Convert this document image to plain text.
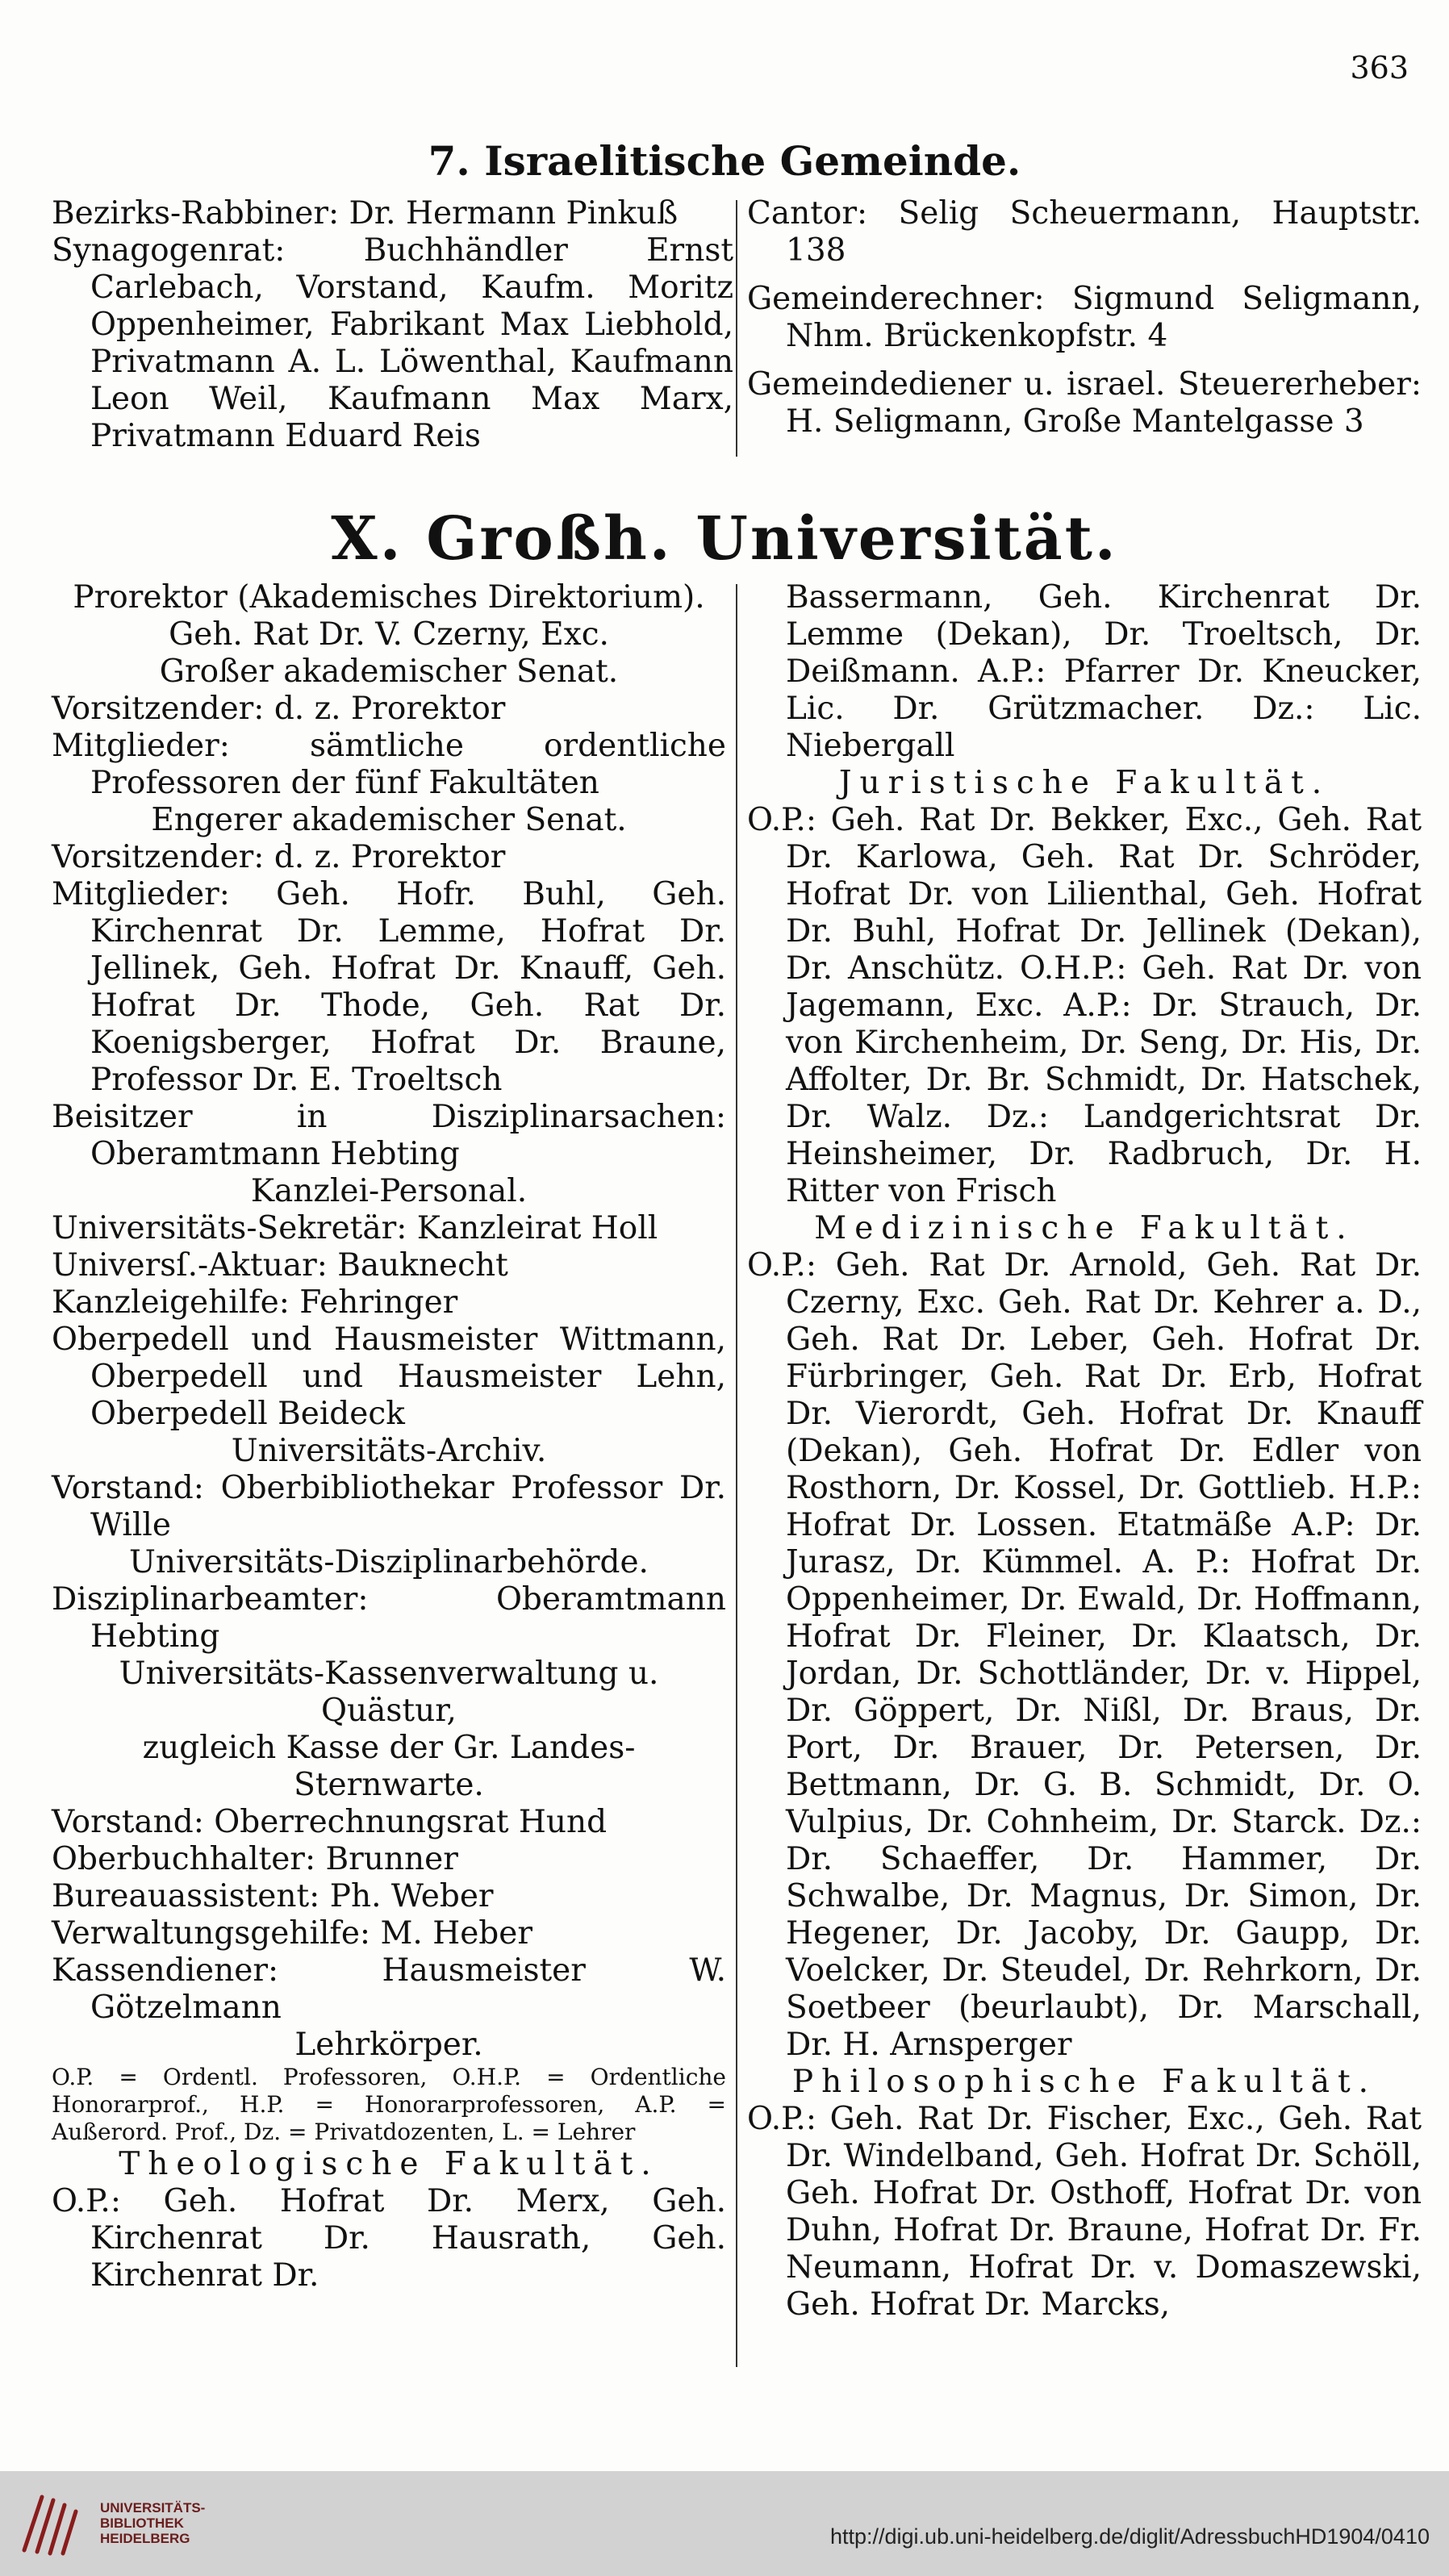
363
7. Israelitische Gemeinde.

Bezirks-Rabbiner: Dr. Hermann Pinkuß

Synagogenrat: Buchhändler Ernst Carlebach, Vorstand, Kaufm. Moritz Oppenheimer, Fabrikant Max Liebhold, Privatmann A. L. Löwenthal, Kaufmann Leon Weil, Kaufmann Max Marx, Privatmann Eduard Reis

Cantor: Selig Scheuermann, Hauptstr. 138

Gemeinderechner: Sigmund Seligmann, Nhm. Brückenkopfstr. 4

Gemeindediener u. israel. Steuererheber: H. Seligmann, Große Mantelgasse 3

X. Großh. Universität.

Prorektor (Akademisches Direktorium).

Geh. Rat Dr. V. Czerny, Exc.

Großer akademischer Senat.

Vorsitzender: d. z. Prorektor

Mitglieder: sämtliche ordentliche Professoren der fünf Fakultäten

Engerer akademischer Senat.

Vorsitzender: d. z. Prorektor

Mitglieder: Geh. Hofr. Buhl, Geh. Kirchenrat Dr. Lemme, Hofrat Dr. Jellinek, Geh. Hofrat Dr. Knauff, Geh. Hofrat Dr. Thode, Geh. Rat Dr. Koenigsberger, Hofrat Dr. Braune, Professor Dr. E. Troeltsch

Beisitzer in Disziplinarsachen: Oberamtmann Hebting

Kanzlei-Personal.

Universitäts-Sekretär: Kanzleirat Holl

Universſ.-Aktuar: Bauknecht

Kanzleigehilfe: Fehringer

Oberpedell und Hausmeister Wittmann, Oberpedell und Hausmeister Lehn, Oberpedell Beideck

Universitäts-Archiv.

Vorstand: Oberbibliothekar Professor Dr. Wille

Universitäts-Disziplinarbehörde.

Disziplinarbeamter: Oberamtmann Hebting

Universitäts-Kassenverwaltung u. Quästur,

zugleich Kasse der Gr. Landes-Sternwarte.

Vorstand: Oberrechnungsrat Hund

Oberbuchhalter: Brunner

Bureauassistent: Ph. Weber

Verwaltungsgehilfe: M. Heber

Kassendiener: Hausmeister W. Götzelmann

Lehrkörper.

O.P. = Ordentl. Professoren, O.H.P. = Ordentliche Honorarprof., H.P. = Honorarprofessoren, A.P. = Außerord. Prof., Dz. = Privatdozenten, L. = Lehrer

Theologische Fakultät.

O.P.: Geh. Hofrat Dr. Merx, Geh. Kirchenrat Dr. Hausrath, Geh. Kirchenrat Dr.

Bassermann, Geh. Kirchenrat Dr. Lemme (Dekan), Dr. Troeltsch, Dr. Deißmann. A.P.: Pfarrer Dr. Kneucker, Lic. Dr. Grützmacher. Dz.: Lic. Niebergall

Juristische Fakultät.

O.P.: Geh. Rat Dr. Bekker, Exc., Geh. Rat Dr. Karlowa, Geh. Rat Dr. Schröder, Hofrat Dr. von Lilienthal, Geh. Hofrat Dr. Buhl, Hofrat Dr. Jellinek (Dekan), Dr. Anschütz. O.H.P.: Geh. Rat Dr. von Jagemann, Exc. A.P.: Dr. Strauch, Dr. von Kirchenheim, Dr. Seng, Dr. His, Dr. Affolter, Dr. Br. Schmidt, Dr. Hatschek, Dr. Walz. Dz.: Landgerichtsrat Dr. Heinsheimer, Dr. Radbruch, Dr. H. Ritter von Frisch

Medizinische Fakultät.

O.P.: Geh. Rat Dr. Arnold, Geh. Rat Dr. Czerny, Exc. Geh. Rat Dr. Kehrer a. D., Geh. Rat Dr. Leber, Geh. Hofrat Dr. Fürbringer, Geh. Rat Dr. Erb, Hofrat Dr. Vierordt, Geh. Hofrat Dr. Knauff (Dekan), Geh. Hofrat Dr. Edler von Rosthorn, Dr. Kossel, Dr. Gottlieb. H.P.: Hofrat Dr. Lossen. Etatmäße A.P: Dr. Jurasz, Dr. Kümmel. A. P.: Hofrat Dr. Oppenheimer, Dr. Ewald, Dr. Hoffmann, Hofrat Dr. Fleiner, Dr. Klaatsch, Dr. Jordan, Dr. Schottländer, Dr. v. Hippel, Dr. Göppert, Dr. Nißl, Dr. Braus, Dr. Port, Dr. Brauer, Dr. Petersen, Dr. Bettmann, Dr. G. B. Schmidt, Dr. O. Vulpius, Dr. Cohnheim, Dr. Starck. Dz.: Dr. Schaeffer, Dr. Hammer, Dr. Schwalbe, Dr. Magnus, Dr. Simon, Dr. Hegener, Dr. Jacoby, Dr. Gaupp, Dr. Voelcker, Dr. Steudel, Dr. Rehrkorn, Dr. Soetbeer (beurlaubt), Dr. Marschall, Dr. H. Arnsperger

Philosophische Fakultät.

O.P.: Geh. Rat Dr. Fischer, Exc., Geh. Rat Dr. Windelband, Geh. Hofrat Dr. Schöll, Geh. Hofrat Dr. Osthoff, Hofrat Dr. von Duhn, Hofrat Dr. Braune, Hofrat Dr. Fr. Neumann, Hofrat Dr. v. Domaszewski, Geh. Hofrat Dr. Marcks,

UNIVERSITÄTS-
BIBLIOTHEK
HEIDELBERG	http://digi.ub.uni-heidelberg.de/diglit/AdressbuchHD1904/0410
